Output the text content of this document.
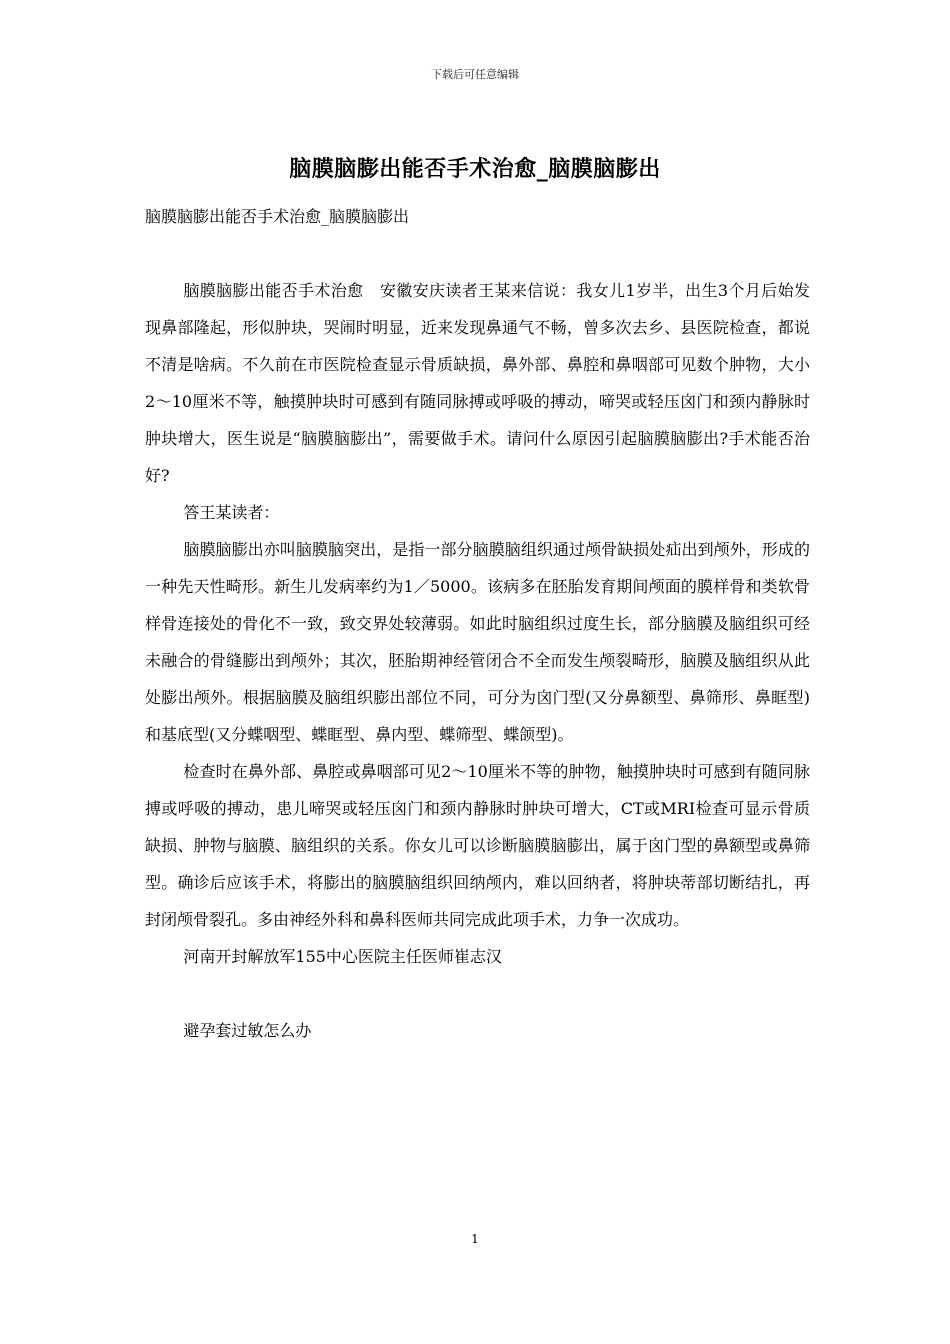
下载后可任意编辑
脑膜脑膨出能否手术治愈_脑膜脑膨出

脑膜脑膨出能否手术治愈_脑膜脑膨出

脑膜脑膨出能否手术治愈　安徽安庆读者王某来信说：我女儿1岁半，出生3个月后始发现鼻部隆起，形似肿块，哭闹时明显，近来发现鼻通气不畅，曾多次去乡、县医院检查，都说不清是啥病。不久前在市医院检查显示骨质缺损，鼻外部、鼻腔和鼻咽部可见数个肿物，大小2～10厘米不等，触摸肿块时可感到有随同脉搏或呼吸的搏动，啼哭或轻压囟门和颈内静脉时肿块增大，医生说是“脑膜脑膨出”，需要做手术。请问什么原因引起脑膜脑膨出?手术能否治好?

答王某读者：

脑膜脑膨出亦叫脑膜脑突出，是指一部分脑膜脑组织通过颅骨缺损处疝出到颅外，形成的一种先天性畸形。新生儿发病率约为1／5000。该病多在胚胎发育期间颅面的膜样骨和类软骨样骨连接处的骨化不一致，致交界处较薄弱。如此时脑组织过度生长，部分脑膜及脑组织可经未融合的骨缝膨出到颅外；其次，胚胎期神经管闭合不全而发生颅裂畸形，脑膜及脑组织从此处膨出颅外。根据脑膜及脑组织膨出部位不同，可分为囟门型(又分鼻额型、鼻筛形、鼻眶型)和基底型(又分蝶咽型、蝶眶型、鼻内型、蝶筛型、蝶颌型)。

检查时在鼻外部、鼻腔或鼻咽部可见2～10厘米不等的肿物，触摸肿块时可感到有随同脉搏或呼吸的搏动，患儿啼哭或轻压囟门和颈内静脉时肿块可增大，CT或MRI检查可显示骨质缺损、肿物与脑膜、脑组织的关系。你女儿可以诊断脑膜脑膨出，属于囟门型的鼻额型或鼻筛型。确诊后应该手术，将膨出的脑膜脑组织回纳颅内，难以回纳者，将肿块蒂部切断结扎，再封闭颅骨裂孔。多由神经外科和鼻科医师共同完成此项手术，力争一次成功。

河南开封解放军155中心医院主任医师崔志汉

避孕套过敏怎么办

1
